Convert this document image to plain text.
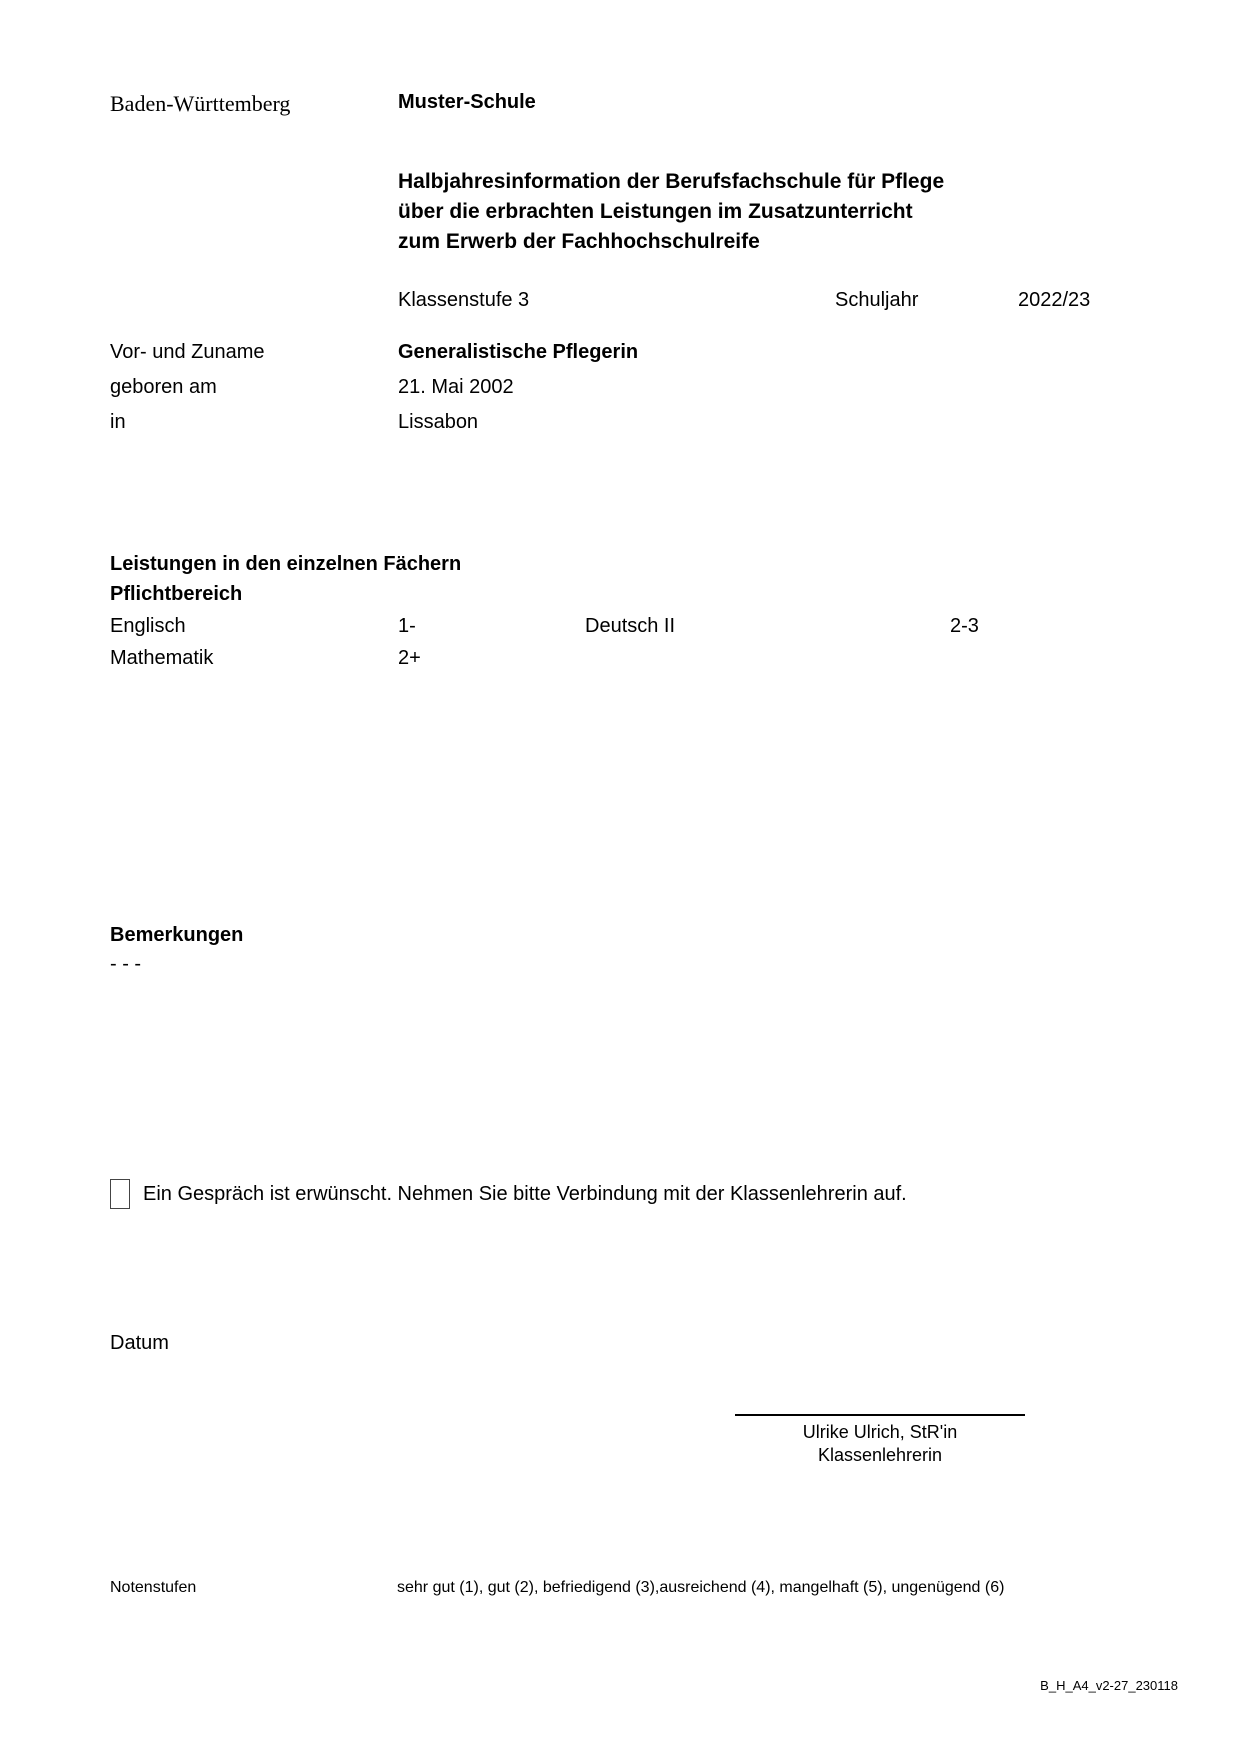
Baden-Württemberg	Muster-Schule
Halbjahresinformation der Berufsfachschule für Pflege
über die erbrachten Leistungen im Zusatzunterricht
zum Erwerb der Fachhochschulreife
Klassenstufe 3	Schuljahr	2022/23
Vor- und Zuname	Generalistische Pflegerin
geboren am	21. Mai 2002
in	Lissabon
Leistungen in den einzelnen Fächern
Pflichtbereich
Englisch	1-	Deutsch II	2-3
Mathematik	2+
Bemerkungen
- - -
Ein Gespräch ist erwünscht. Nehmen Sie bitte Verbindung mit der Klassenlehrerin auf.
Datum
Ulrike Ulrich, StR'in
Klassenlehrerin
Notenstufen	sehr gut (1), gut (2), befriedigend (3),ausreichend (4), mangelhaft (5), ungenügend (6)
B_H_A4_v2-27_230118
